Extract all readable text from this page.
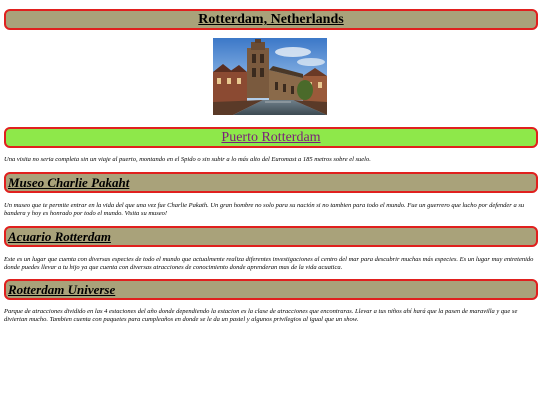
Rotterdam, Netherlands
Puerto Rotterdam

Una visita no seria completa sin un viaje al puerto, montando en el Spido o sin subir a lo más alto del Euromast a 185 metros sobre el suelo.

Museo Charlie Pakaht

Un museo que te permite entrar en la vida del que una vez fue Charlie Pakath. Un gran hombre no solo para su nación si no tambien para todo el mundo. Fue un guerrero que lucho por defender a su bandera y hoy es honrado por todo el mundo. Visita su museo!

Acuario Rotterdam

Este es un lugar que cuenta con diversas especies de todo el mundo que actualmente realiza diferentes investigaciones al centro del mar para descubrir muchas más especies. Es un lugar muy entretenido donde puedes llevar a tu hijo ya que cuenta con diversas atracciones de conocimiento donde aprenderan mas de la vida acuatica.

Rotterdam Universe

Parque de atracciones dividido en las 4 estaciones del año donde dependiendo la estacion es la clase de atracciones que encontraras. Llevar a tus niños ahí hará que la pasen de maravilla y que se diviertan mucho. Tambien cuenta con paquetes para cumpleaños en donde se le da un pastel y algunos privilegios al igual que un show.
